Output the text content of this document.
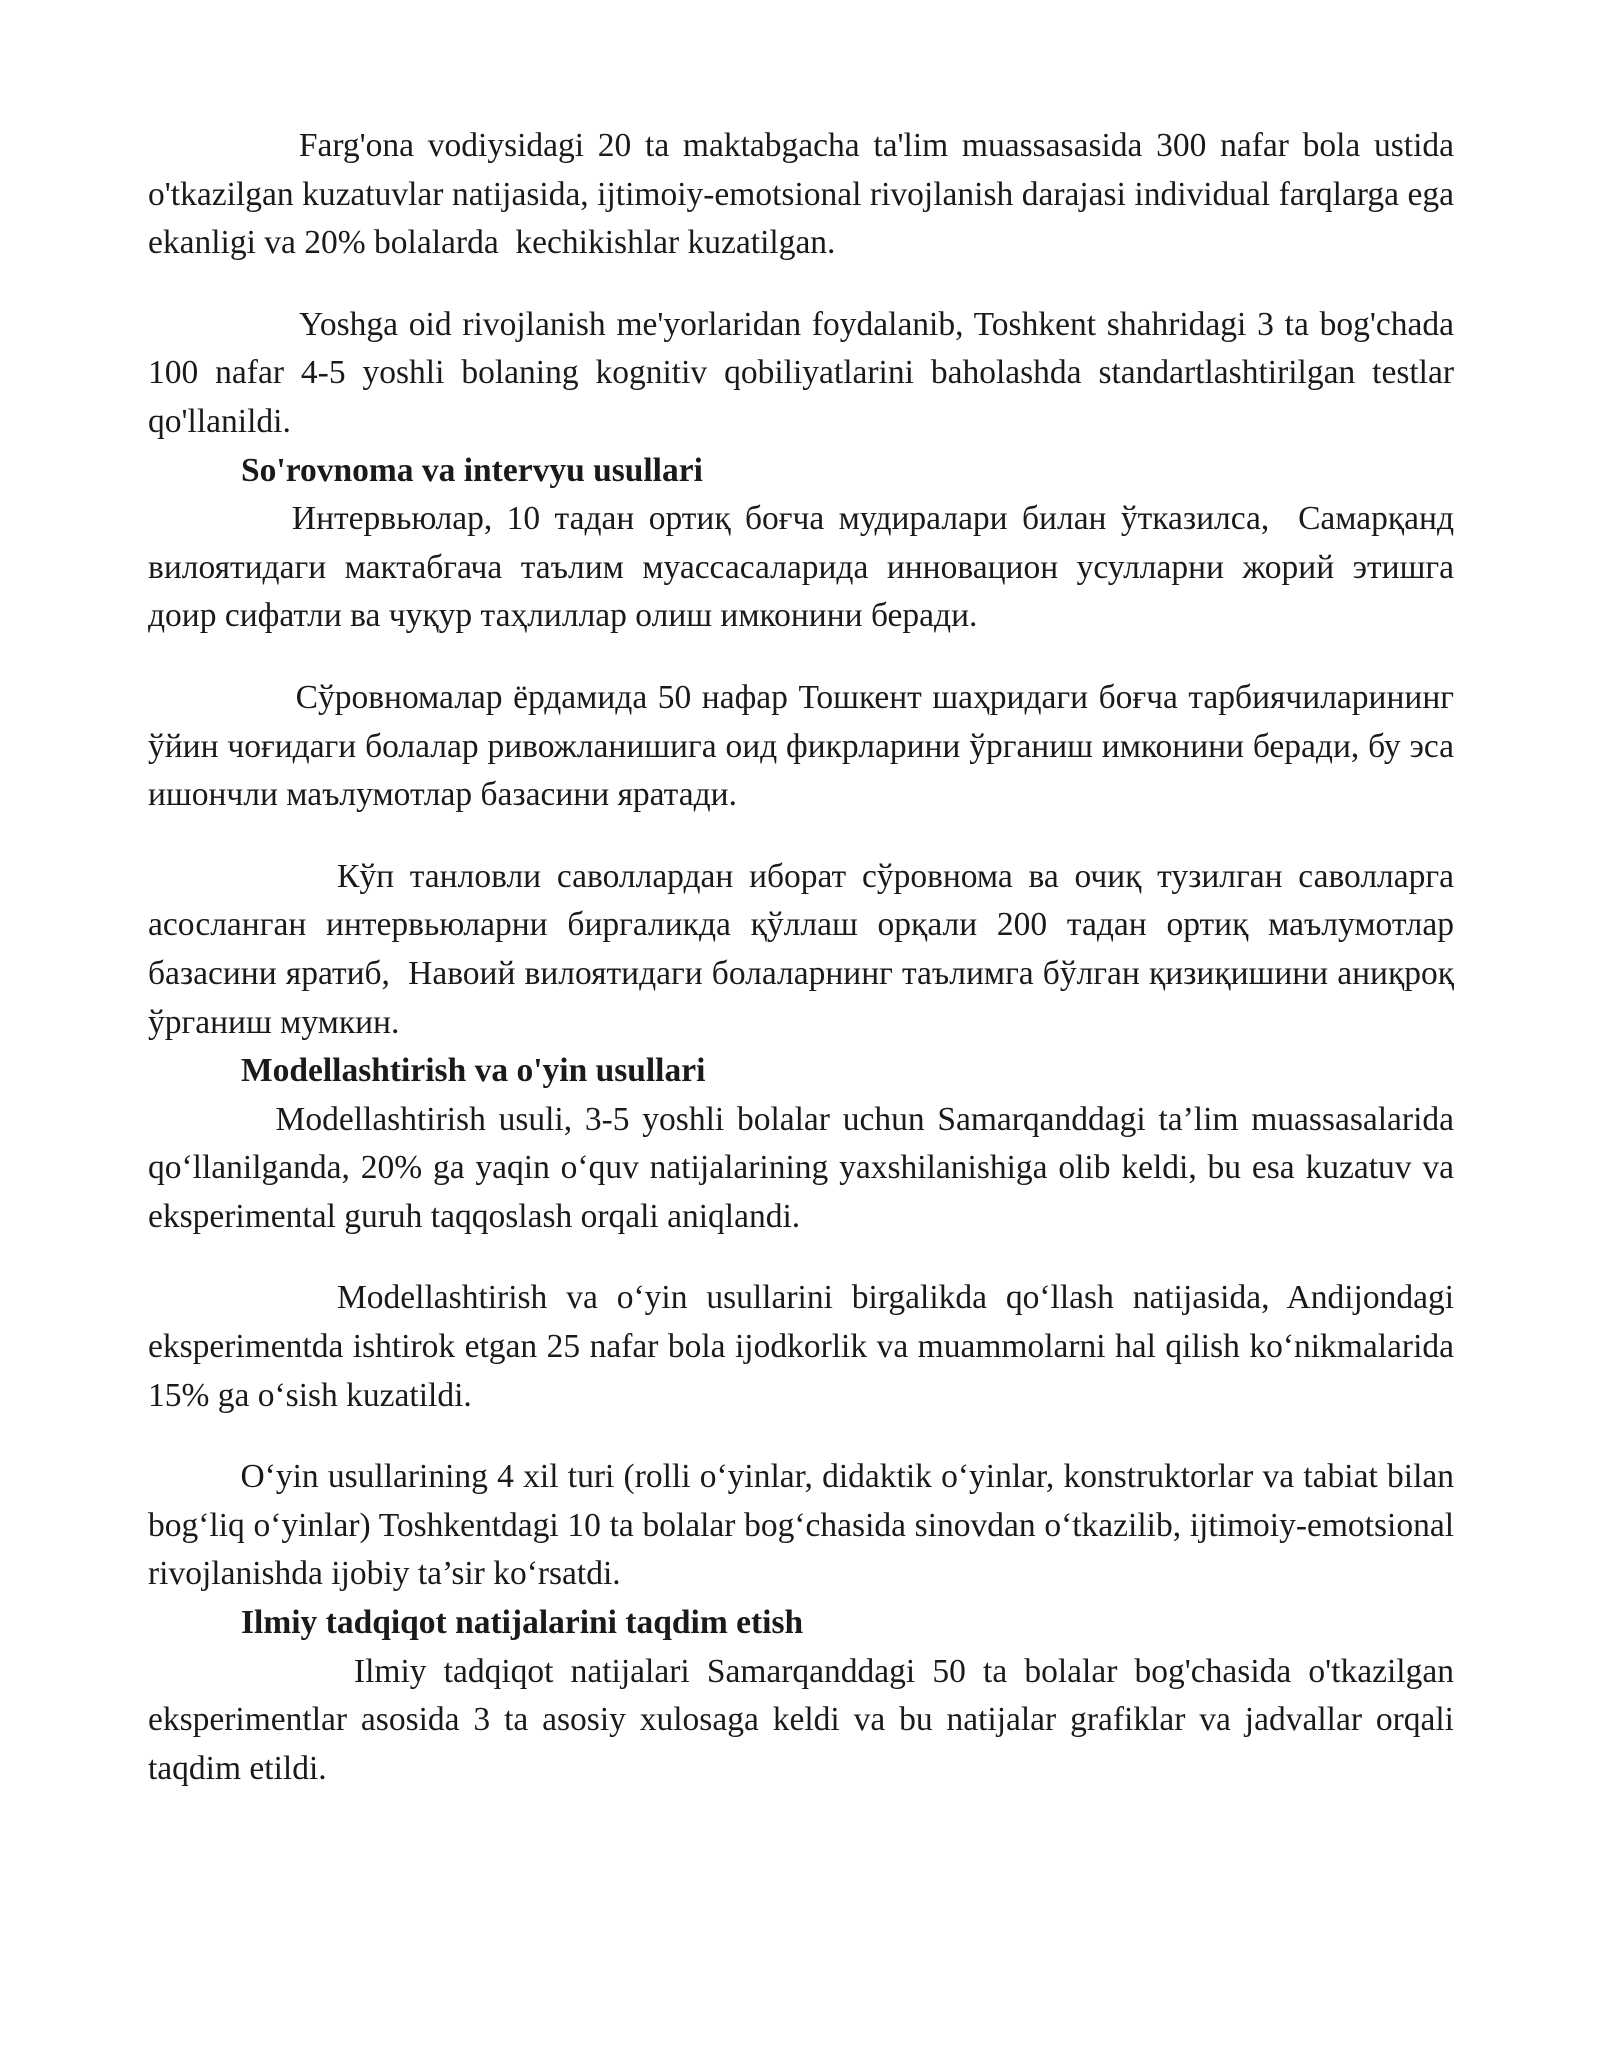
Farg'ona vodiysidagi 20 ta maktabgacha ta'lim muassasasida 300 nafar bola ustida o'tkazilgan kuzatuvlar natijasida, ijtimoiy-emotsional rivojlanish darajasi individual farqlarga ega ekanligi va 20% bolalarda  kechikishlar kuzatilgan.

Yoshga oid rivojlanish me'yorlaridan foydalanib, Toshkent shahridagi 3 ta bog'chada 100 nafar 4-5 yoshli bolaning kognitiv qobiliyatlarini baholashda standartlashtirilgan testlar qo'llanildi.

So'rovnoma va intervyu usullari

Интервьюлар, 10 тадан ортиқ боғча мудиралари билан ўтказилса,  Самарқанд вилоятидаги мактабгача таълим муассасаларида инновацион усулларни жорий этишга доир сифатли ва чуқур таҳлиллар олиш имконини беради.

Сўровномалар ёрдамида 50 нафар Тошкент шаҳридаги боғча тарбиячиларининг ўйин чоғидаги болалар ривожланишига оид фикрларини ўрганиш имконини беради, бу эса ишончли маълумотлар базасини яратади.

Кўп танловли саволлардан иборат сўровнома ва очиқ тузилган саволларга асосланган интервьюларни биргаликда қўллаш орқали 200 тадан ортиқ маълумотлар базасини яратиб,  Навоий вилоятидаги болаларнинг таълимга бўлган қизиқишини аниқроқ ўрганиш мумкин.

Modellashtirish va o'yin usullari

Modellashtirish usuli, 3-5 yoshli bolalar uchun Samarqanddagi ta’lim muassasalarida qo‘llanilganda, 20% ga yaqin o‘quv natijalarining yaxshilanishiga olib keldi, bu esa kuzatuv va eksperimental guruh taqqoslash orqali aniqlandi.

Modellashtirish va o‘yin usullarini birgalikda qo‘llash natijasida, Andijondagi eksperimentda ishtirok etgan 25 nafar bola ijodkorlik va muammolarni hal qilish ko‘nikmalarida 15% ga o‘sish kuzatildi.

O‘yin usullarining 4 xil turi (rolli o‘yinlar, didaktik o‘yinlar, konstruktorlar va tabiat bilan bog‘liq o‘yinlar) Toshkentdagi 10 ta bolalar bog‘chasida sinovdan o‘tkazilib, ijtimoiy-emotsional rivojlanishda ijobiy ta’sir ko‘rsatdi.

Ilmiy tadqiqot natijalarini taqdim etish

Ilmiy tadqiqot natijalari Samarqanddagi 50 ta bolalar bog'chasida o'tkazilgan eksperimentlar asosida 3 ta asosiy xulosaga keldi va bu natijalar grafiklar va jadvallar orqali taqdim etildi.
